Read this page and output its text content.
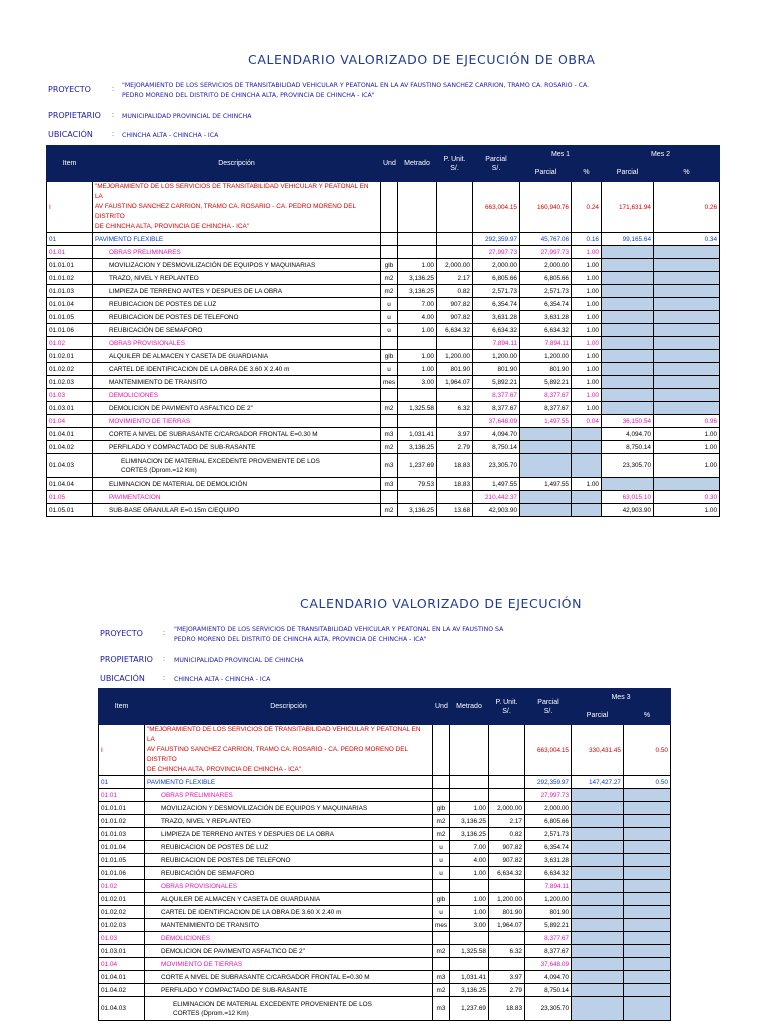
CALENDARIO VALORIZADO DE EJECUCIÓN DE OBRA
PROYECTO	:
"MEJORAMIENTO DE LOS SERVICIOS DE TRANSITABILIDAD VEHICULAR Y PEATONAL EN LA AV FAUSTINO SANCHEZ CARRION, TRAMO CA. ROSARIO - CA.
PEDRO MORENO DEL DISTRITO DE CHINCHA ALTA, PROVINCIA DE CHINCHA - ICA"
PROPIETARIO : MUNICIPALIDAD PROVINCIAL DE CHINCHA
UBICACIÓN	: CHINCHA ALTA - CHINCHA - ICA
Item	Descripción	Und	Metrado	P. Unit.
S/.	Parcial
S/.	Mes 1		Mes 2	
						Parcial	%	Parcial	%
I	"MEJORAMIENTO DE LOS SERVICIOS DE TRANSITABILIDAD VEHICULAR Y PEATONAL EN LA
AV FAUSTINO SANCHEZ CARRION, TRAMO CA. ROSARIO - CA. PEDRO MORENO DEL DISTRITO
DE CHINCHA ALTA, PROVINCIA DE CHINCHA - ICA"				663,004.15	160,940.76	0.24	171,631.94	0.26
01	PAVIMENTO FLEXIBLE				292,359.97	45,767.06	0.16	99,165.64	0.34
01.01	OBRAS PRELIMINARES				27,997.73	27,997.73	1.00		
01.01.01	MOVILIZACION Y DESMOVILIZACIÓN DE EQUIPOS Y MAQUINARIAS	glb	1.00	2,000.00	2,000.00	2,000.00	1.00		
01.01.02	TRAZO, NIVEL Y REPLANTEO	m2	3,136.25	2.17	6,805.66	6,805.66	1.00		
01.01.03	LIMPIEZA DE TERRENO ANTES Y DESPUES DE LA OBRA	m2	3,136.25	0.82	2,571.73	2,571.73	1.00		
01.01.04	REUBICACION DE POSTES DE LUZ	u	7.00	907.82	6,354.74	6,354.74	1.00		
01.01.05	REUBICACION DE POSTES DE TELEFONO	u	4.00	907.82	3,631.28	3,631.28	1.00		
01.01.06	REUBICACIÓN DE SEMAFORO	u	1.00	6,634.32	6,634.32	6,634.32	1.00		
01.02	OBRAS PROVISIONALES				7,894.11	7,894.11	1.00		
01.02.01	ALQUILER DE ALMACEN Y CASETA DE GUARDIANIA	glb	1.00	1,200.00	1,200.00	1,200.00	1.00		
01.02.02	CARTEL DE IDENTIFICACION DE LA OBRA DE 3.60 X 2.40 m	u	1.00	801.90	801.90	801.90	1.00		
01.02.03	MANTENIMIENTO DE TRANSITO	mes	3.00	1,964.07	5,892.21	5,892.21	1.00		
01.03	DEMOLICIONES				8,377.67	8,377.67	1.00		
01.03.01	DEMOLICION DE PAVIMENTO ASFALTICO DE 2"	m2	1,325.58	6.32	8,377.67	8,377.67	1.00		
01.04	MOVIMIENTO DE TIERRAS				37,648.09	1,497.55	0.04	36,150.54	0.96
01.04.01	CORTE A NIVEL DE SUBRASANTE C/CARGADOR FRONTAL E=0.30 M	m3	1,031.41	3.97	4,094.70			4,094.70	1.00
01.04.02	PERFILADO Y COMPACTADO DE SUB-RASANTE	m2	3,136.25	2.79	8,750.14			8,750.14	1.00
01.04.03	ELIMINACION DE MATERIAL EXCEDENTE PROVENIENTE DE LOS
CORTES (Dprom.=12 Km)	m3	1,237.69	18.83	23,305.70			23,305.70	1.00
01.04.04	ELIMINACION DE MATERIAL DE DEMOLICIÓN	m3	79.53	18.83	1,497.55	1,497.55	1.00		
01.05	PAVIMENTACION				210,442.37			63,015.10	0.30
01.05.01	SUB-BASE GRANULAR E=0.15m C/EQUIPO	m2	3,136.25	13.68	42,903.90			42,903.90	1.00
CALENDARIO VALORIZADO DE EJECUCIÓN
PROYECTO	:
"MEJORAMIENTO DE LOS SERVICIOS DE TRANSITABILIDAD VEHICULAR Y PEATONAL EN LA AV FAUSTINO SA
PEDRO MORENO DEL DISTRITO DE CHINCHA ALTA, PROVINCIA DE CHINCHA - ICA"
PROPIETARIO : MUNICIPALIDAD PROVINCIAL DE CHINCHA
UBICACIÓN	: CHINCHA ALTA - CHINCHA - ICA
Item	Descripción	Und	Metrado	P. Unit.
S/.	Parcial
S/.	Mes 3	
						Parcial	%
I	"MEJORAMIENTO DE LOS SERVICIOS DE TRANSITABILIDAD VEHICULAR Y PEATONAL EN LA
AV FAUSTINO SANCHEZ CARRION, TRAMO CA. ROSARIO - CA. PEDRO MORENO DEL DISTRITO
DE CHINCHA ALTA, PROVINCIA DE CHINCHA - ICA"				663,004.15	330,431.45	0.50
01	PAVIMENTO FLEXIBLE				292,359.97	147,427.27	0.50
01.01	OBRAS PRELIMINARES				27,997.73		
01.01.01	MOVILIZACION Y DESMOVILIZACIÓN DE EQUIPOS Y MAQUINARIAS	glb	1.00	2,000.00	2,000.00		
01.01.02	TRAZO, NIVEL Y REPLANTEO	m2	3,136.25	2.17	6,805.66		
01.01.03	LIMPIEZA DE TERRENO ANTES Y DESPUES DE LA OBRA	m2	3,136.25	0.82	2,571.73		
01.01.04	REUBICACION DE POSTES DE LUZ	u	7.00	907.82	6,354.74		
01.01.05	REUBICACION DE POSTES DE TELEFONO	u	4.00	907.82	3,631.28		
01.01.06	REUBICACIÓN DE SEMAFORO	u	1.00	6,634.32	6,634.32		
01.02	OBRAS PROVISIONALES				7,894.11		
01.02.01	ALQUILER DE ALMACEN Y CASETA DE GUARDIANIA	glb	1.00	1,200.00	1,200.00		
01.02.02	CARTEL DE IDENTIFICACION DE LA OBRA DE 3.60 X 2.40 m	u	1.00	801.90	801.90		
01.02.03	MANTENIMIENTO DE TRANSITO	mes	3.00	1,964.07	5,892.21		
01.03	DEMOLICIONES				8,377.67		
01.03.01	DEMOLICION DE PAVIMENTO ASFALTICO DE 2"	m2	1,325.58	6.32	8,377.67		
01.04	MOVIMIENTO DE TIERRAS				37,648.09		
01.04.01	CORTE A NIVEL DE SUBRASANTE C/CARGADOR FRONTAL E=0.30 M	m3	1,031.41	3.97	4,094.70		
01.04.02	PERFILADO Y COMPACTADO DE SUB-RASANTE	m2	3,136.25	2.79	8,750.14		
01.04.03	ELIMINACION DE MATERIAL EXCEDENTE PROVENIENTE DE LOS
CORTES (Dprom.=12 Km)	m3	1,237.69	18.83	23,305.70		
